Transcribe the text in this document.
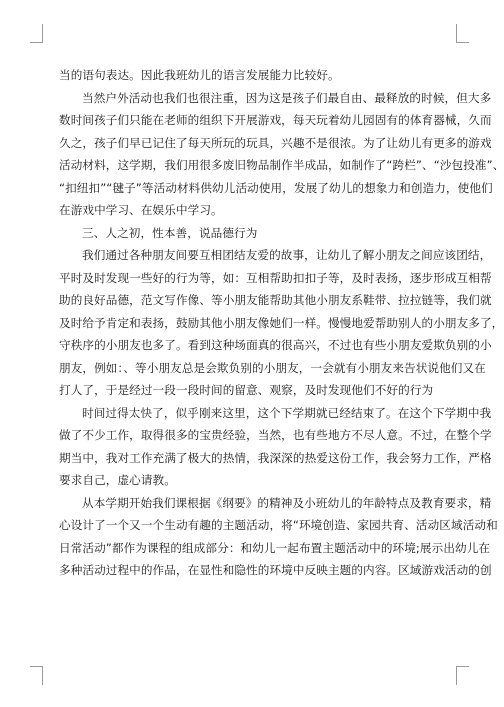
当的语句表达。因此我班幼儿的语言发展能力比较好。
当然户外活动也我们也很注重，因为这是孩子们最自由、最释放的时候，但大多
数时间孩子们只能在老师的组织下开展游戏，每天玩着幼儿园固有的体育器械，久而
久之，孩子们早已记住了每天所玩的玩具，兴趣不是很浓。为了让幼儿有更多的游戏
活动材料，这学期，我们用很多废旧物品制作半成品，如制作了“跨栏”、“沙包投准”、
“扣纽扣”“毽子”等活动材料供幼儿活动使用，发展了幼儿的想象力和创造力，使他们
在游戏中学习、在娱乐中学习。
三、人之初，性本善，说品德行为
我们通过各种朋友间要互相团结友爱的故事，让幼儿了解小朋友之间应该团结，
平时及时发现一些好的行为等，如：互相帮助扣扣子等，及时表扬，逐步形成互相帮
助的良好品德，范文写作像、等小朋友能帮助其他小朋友系鞋带、拉拉链等，我们就
及时给予肯定和表扬，鼓励其他小朋友像她们一样。慢慢地爱帮助别人的小朋友多了，
守秩序的小朋友也多了。看到这种场面真的很高兴，不过也有些小朋友爱欺负别的小
朋友，例如：、等小朋友总是会欺负别的小朋友，一会就有小朋友来告状说他们又在
打人了，于是经过一段一段时间的留意、观察，及时发现他们不好的行为
时间过得太快了，似乎刚来这里，这个下学期就已经结束了。在这个下学期中我
做了不少工作，取得很多的宝贵经验，当然，也有些地方不尽人意。不过，在整个学
期当中，我对工作充满了极大的热情，我深深的热爱这份工作，我会努力工作，严格
要求自己，虚心请教。
从本学期开始我们课根据《纲要》的精神及小班幼儿的年龄特点及教育要求，精
心设计了一个又一个生动有趣的主题活动，将“环境创造、家园共育、活动区域活动和
日常活动”都作为课程的组成部分：和幼儿一起布置主题活动中的环境;展示出幼儿在
多种活动过程中的作品，在显性和隐性的环境中反映主题的内容。区域游戏活动的创
